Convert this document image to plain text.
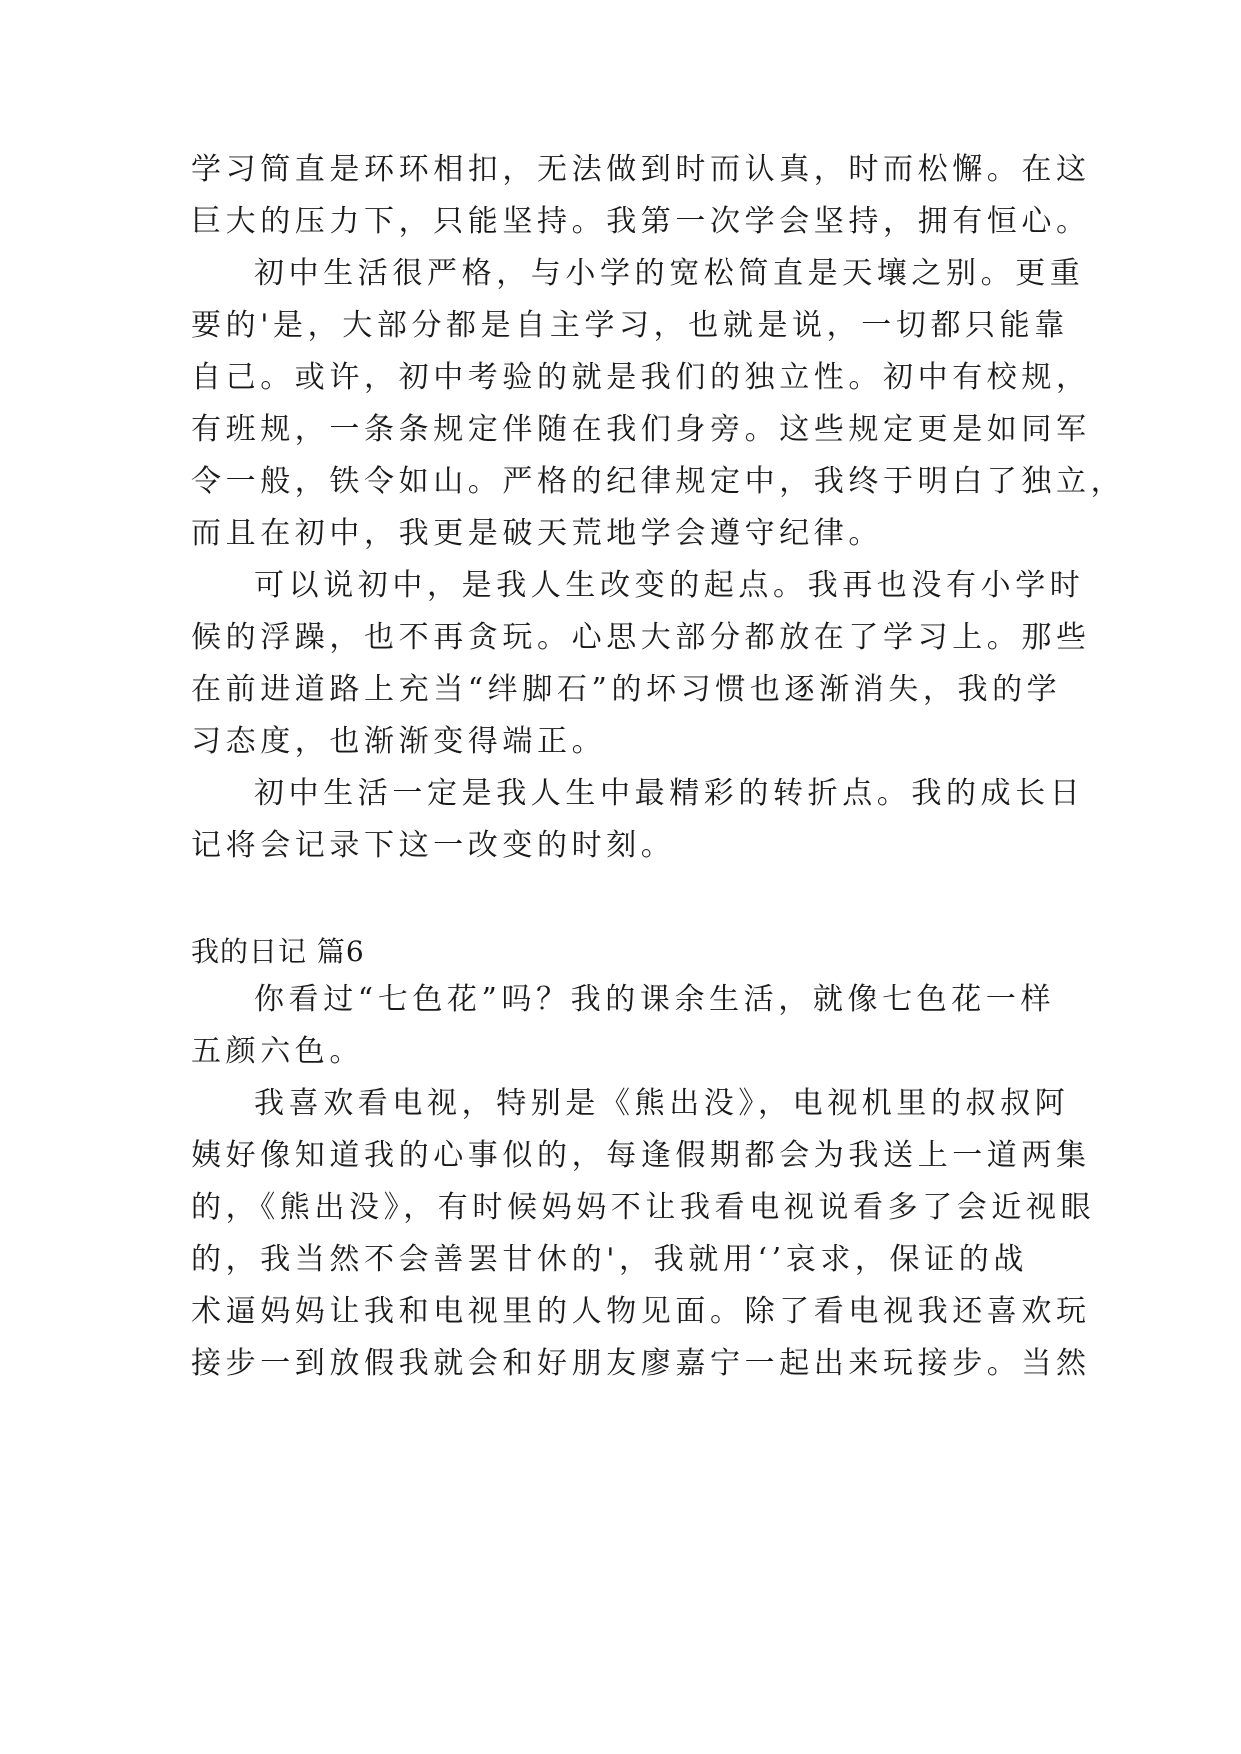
学习简直是环环相扣，无法做到时而认真，时而松懈。在这
巨大的压力下，只能坚持。我第一次学会坚持，拥有恒心。
初中生活很严格，与小学的宽松简直是天壤之别。更重
要的'是，大部分都是自主学习，也就是说，一切都只能靠
自己。或许，初中考验的就是我们的独立性。初中有校规，
有班规，一条条规定伴随在我们身旁。这些规定更是如同军
令一般，铁令如山。严格的纪律规定中，我终于明白了独立，
而且在初中，我更是破天荒地学会遵守纪律。
可以说初中，是我人生改变的起点。我再也没有小学时
候的浮躁，也不再贪玩。心思大部分都放在了学习上。那些
在前进道路上充当“绊脚石”的坏习惯也逐渐消失，我的学
习态度，也渐渐变得端正。
初中生活一定是我人生中最精彩的转折点。我的成长日
记将会记录下这一改变的时刻。
我的日记 篇6
你看过“七色花”吗？我的课余生活，就像七色花一样
五颜六色。
我喜欢看电视，特别是《熊出没》，电视机里的叔叔阿
姨好像知道我的心事似的，每逢假期都会为我送上一道两集
的，《熊出没》，有时候妈妈不让我看电视说看多了会近视眼
的，我当然不会善罢甘休的'，我就用‘’哀求，保证的战
术逼妈妈让我和电视里的人物见面。除了看电视我还喜欢玩
接步一到放假我就会和好朋友廖嘉宁一起出来玩接步。当然
